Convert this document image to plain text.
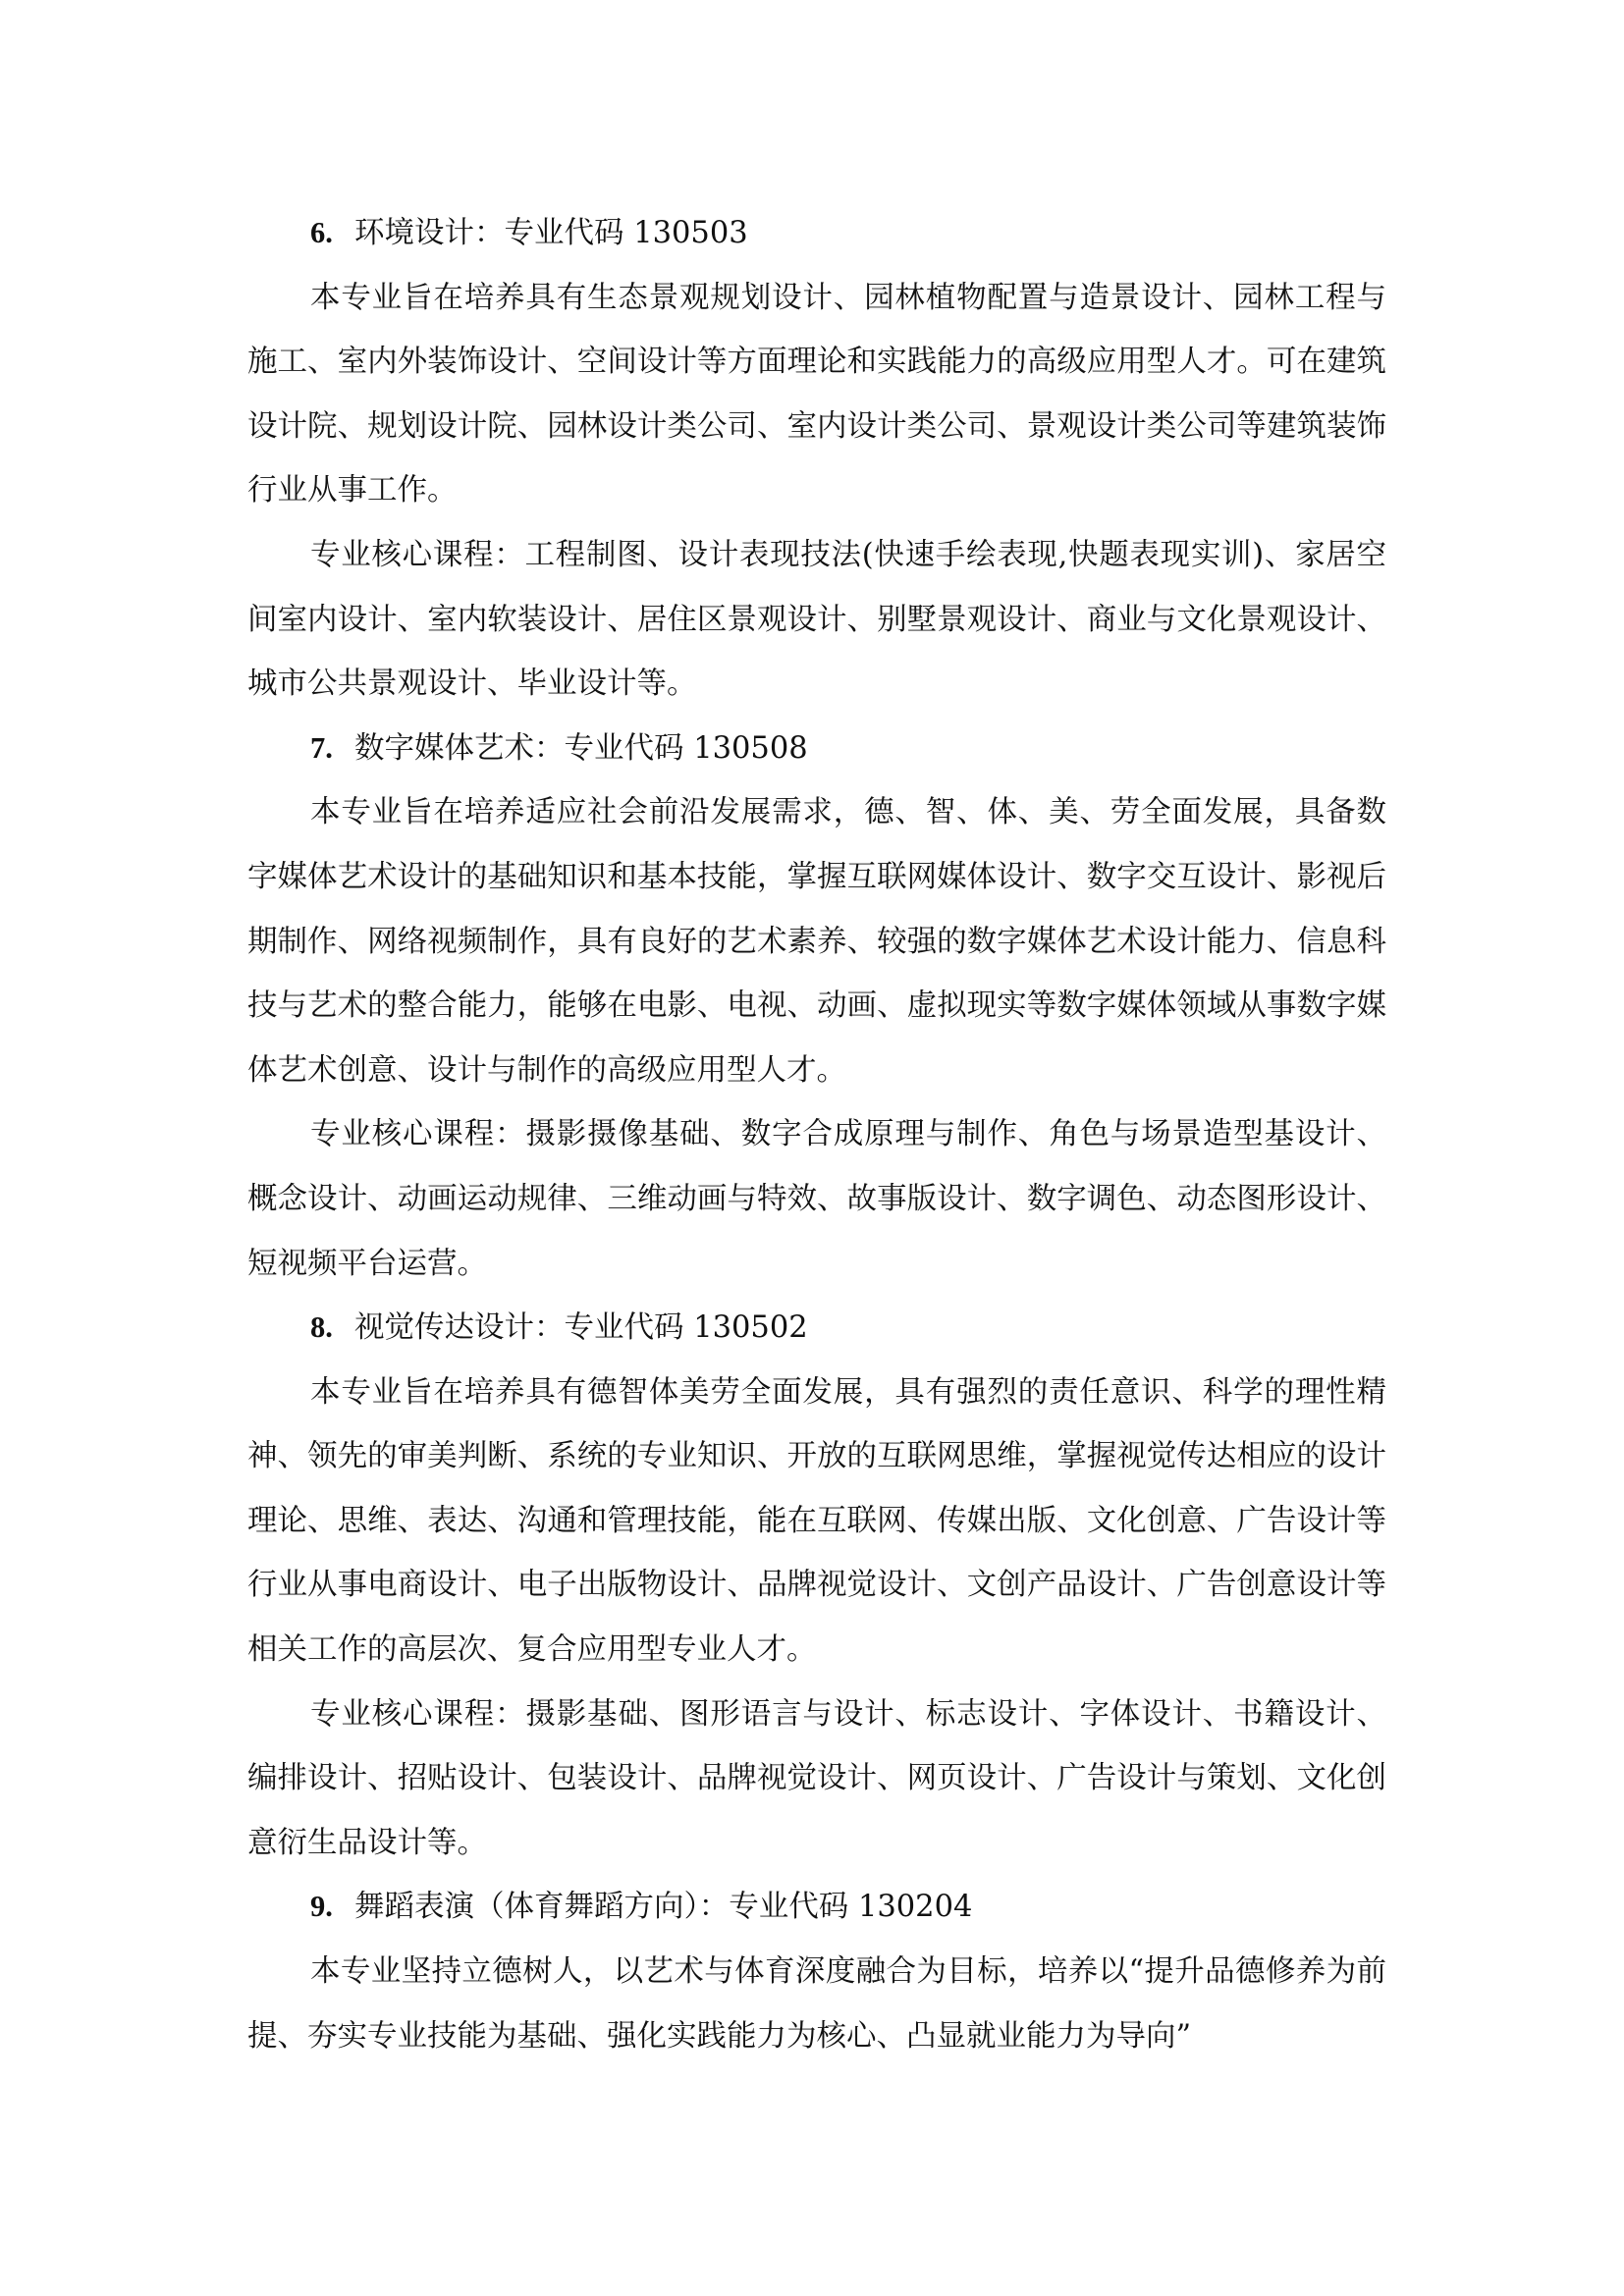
6. 环境设计：专业代码 130503

本专业旨在培养具有生态景观规划设计、园林植物配置与造景设计、园林工程与施工、室内外装饰设计、空间设计等方面理论和实践能力的高级应用型人才。可在建筑设计院、规划设计院、园林设计类公司、室内设计类公司、景观设计类公司等建筑装饰行业从事工作。

专业核心课程：工程制图、设计表现技法(快速手绘表现,快题表现实训)、家居空间室内设计、室内软装设计、居住区景观设计、别墅景观设计、商业与文化景观设计、城市公共景观设计、毕业设计等。

7. 数字媒体艺术：专业代码 130508

本专业旨在培养适应社会前沿发展需求，德、智、体、美、劳全面发展，具备数字媒体艺术设计的基础知识和基本技能，掌握互联网媒体设计、数字交互设计、影视后期制作、网络视频制作，具有良好的艺术素养、较强的数字媒体艺术设计能力、信息科技与艺术的整合能力，能够在电影、电视、动画、虚拟现实等数字媒体领域从事数字媒体艺术创意、设计与制作的高级应用型人才。

专业核心课程：摄影摄像基础、数字合成原理与制作、角色与场景造型基设计、概念设计、动画运动规律、三维动画与特效、故事版设计、数字调色、动态图形设计、短视频平台运营。

8. 视觉传达设计：专业代码 130502

本专业旨在培养具有德智体美劳全面发展，具有强烈的责任意识、科学的理性精神、领先的审美判断、系统的专业知识、开放的互联网思维，掌握视觉传达相应的设计理论、思维、表达、沟通和管理技能，能在互联网、传媒出版、文化创意、广告设计等行业从事电商设计、电子出版物设计、品牌视觉设计、文创产品设计、广告创意设计等相关工作的高层次、复合应用型专业人才。

专业核心课程：摄影基础、图形语言与设计、标志设计、字体设计、书籍设计、编排设计、招贴设计、包装设计、品牌视觉设计、网页设计、广告设计与策划、文化创意衍生品设计等。

9. 舞蹈表演（体育舞蹈方向）：专业代码 130204

本专业坚持立德树人，以艺术与体育深度融合为目标，培养以“提升品德修养为前提、夯实专业技能为基础、强化实践能力为核心、凸显就业能力为导向”
